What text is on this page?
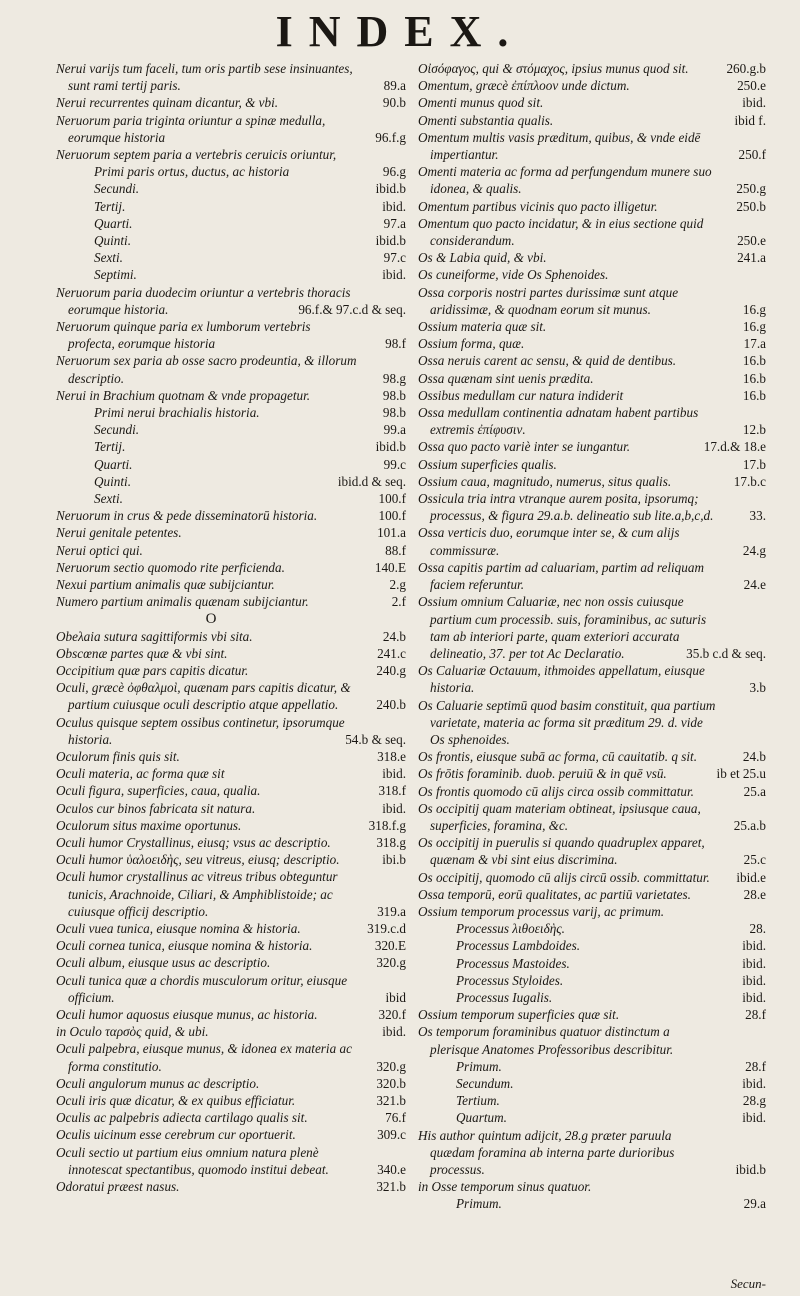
INDEX.
Nerui varijs tum faceli, tum oris partib sese insinuantes, sunt rami tertij paris.	89.a
Nerui recurrentes quinam dicantur, & vbi.	90.b
Neruorum paria triginta oriuntur a spinæ medulla, eorumque historia	96.f.g
Neruorum septem paria a vertebris ceruicis oriuntur,
Primi paris ortus, ductus, ac historia	96.g
Secundi.	ibid.b
Tertij.	ibid.
Quarti.	97.a
Quinti.	ibid.b
Sexti.	97.c
Septimi.	ibid.
Neruorum paria duodecim oriuntur a vertebris thoracis eorumque historia.	96.f.& 97.c.d & seq.
Neruorum quinque paria ex lumborum vertebris profecta, eorumque historia	98.f
Neruorum sex paria ab osse sacro prodeuntia, & illorum descriptio.	98.g
Nerui in Brachium quotnam & vnde propagetur.	98.b
Primi nerui brachialis historia.	98.b
Secundi.	99.a
Tertij.	ibid.b
Quarti.	99.c
Quinti.	ibid.d & seq.
Sexti.	100.f
Neruorum in crus & pede disseminatorū historia.	100.f
Nerui genitale petentes.	101.a
Nerui optici qui.	88.f
Neruorum sectio quomodo rite perficienda.	140.E
Nexui partium animalis quæ subijciantur.	2.g
Numero partium animalis quænam subijciantur.	2.f
O
Obeλaia sutura sagittiformis vbi sita.	24.b
Obscœnæ partes quæ & vbi sint.	241.c
Occipitium quæ pars capitis dicatur.	240.g
Oculi, græcè ὀφθαλμοὶ, quænam pars capitis dicatur, & partium cuiusque oculi descriptio atque appellatio.	240.b
Oculus quisque septem ossibus continetur, ipsorumque historia.	54.b & seq.
Oculorum finis quis sit.	318.e
Oculi materia, ac forma quæ sit	ibid.
Oculi figura, superficies, caua, qualia.	318.f
Oculos cur binos fabricata sit natura.	ibid.
Oculorum situs maxime oportunus.	318.f.g
Oculi humor Crystallinus, eiusq; vsus ac descriptio.	318.g
Oculi humor ὑαλοειδὴς, seu vitreus, eiusq; descriptio.	ibi.b
Oculi humor crystallinus ac vitreus tribus obteguntur tunicis, Arachnoide, Ciliari, & Amphiblistoide; ac cuiusque officij descriptio.	319.a
Oculi vuea tunica, eiusque nomina & historia.	319.c.d
Oculi cornea tunica, eiusque nomina & historia.	320.E
Oculi album, eiusque usus ac descriptio.	320.g
Oculi tunica quæ a chordis musculorum oritur, eiusque officium.	ibid
Oculi humor aquosus eiusque munus, ac historia.	320.f
in Oculo ταρσὸς quid, & ubi.	ibid.
Oculi palpebra, eiusque munus, & idonea ex materia ac forma constitutio.	320.g
Oculi angulorum munus ac descriptio.	320.b
Oculi iris quæ dicatur, & ex quibus efficiatur.	321.b
Oculis ac palpebris adiecta cartilago qualis sit.	76.f
Oculis uicinum esse cerebrum cur oportuerit.	309.c
Oculi sectio ut partium eius omnium natura plenè innotescat spectantibus, quomodo institui debeat.	340.e
Odoratui præest nasus.	321.b
Oἰσόφαγος, qui & στόμαχος, ipsius munus quod sit.	260.g.b
Omentum, græcè ἐπίπλοον unde dictum.	250.e
Omenti munus quod sit.	ibid.
Omenti substantia qualis.	ibid f.
Omentum multis vasis præditum, quibus, & vnde eidē impertiantur.	250.f
Omenti materia ac forma ad perfungendum munere suo idonea, & qualis.	250.g
Omentum partibus vicinis quo pacto illigetur.	250.b
Omentum quo pacto incidatur, & in eius sectione quid considerandum.	250.e
Os & Labia quid, & vbi.	241.a
Os cuneiforme, vide Os Sphenoides.
Ossa corporis nostri partes durissimæ sunt atque aridissimæ, & quodnam eorum sit munus.	16.g
Ossium materia quæ sit.	16.g
Ossium forma, quæ.	17.a
Ossa neruis carent ac sensu, & quid de dentibus.	16.b
Ossa quænam sint uenis prædita.	16.b
Ossibus medullam cur natura indiderit	16.b
Ossa medullam continentia adnatam habent partibus extremis ἐπίφυσιν.	12.b
Ossa quo pacto variè inter se iungantur.	17.d.& 18.e
Ossium superficies qualis.	17.b
Ossium caua, magnitudo, numerus, situs qualis.	17.b.c
Ossicula tria intra vtranque aurem posita, ipsorumq; processus, & figura 29.a.b. delineatio sub lite.a,b,c,d.	33.
Ossa verticis duo, eorumque inter se, & cum alijs commissuræ.	24.g
Ossa capitis partim ad caluariam, partim ad reliquam faciem referuntur.	24.e
Ossium omnium Caluariæ, nec non ossis cuiusque partium cum processib. suis, foraminibus, ac suturis tam ab interiori parte, quam exteriori accurata delineatio, 37. per tot Ac Declaratio.	35.b c.d & seq.
Os Caluariæ Octauum, ithmoides appellatum, eiusque historia.	3.b
Os Caluarie septimū quod basim constituit, qua partium varietate, materia ac forma sit præditum 29. d. vide Os sphenoides.
Os frontis, eiusque subā ac forma, cū cauitatib. q sit.	24.b
Os frōtis foraminib. duob. peruiū & in quē vsū.	ib et 25.u
Os frontis quomodo cū alijs circa ossib committatur.	25.a
Os occipitij quam materiam obtineat, ipsiusque caua, superficies, foramina, &c.	25.a.b
Os occipitij in puerulis si quando quadruplex apparet, quænam & vbi sint eius discrimina.	25.c
Os occipitij, quomodo cū alijs circū ossib. committatur.	ibid.e
Ossa temporū, eorū qualitates, ac partiū varietates.	28.e
Ossium temporum processus varij, ac primum.
Processus λιθοειδὴς.	28.
Processus Lambdoides.	ibid.
Processus Mastoides.	ibid.
Processus Styloides.	ibid.
Processus Iugalis.	ibid.
Ossium temporum superficies quæ sit.	28.f
Os temporum foraminibus quatuor distinctum a plerisque Anatomes Professoribus describitur.
Primum.	28.f
Secundum.	ibid.
Tertium.	28.g
Quartum.	ibid.
His author quintum adijcit, 28.g præter paruula quædam foramina ab interna parte durioribus processus.	ibid.b
in Osse temporum sinus quatuor.
Primum.	29.a
Secun-
